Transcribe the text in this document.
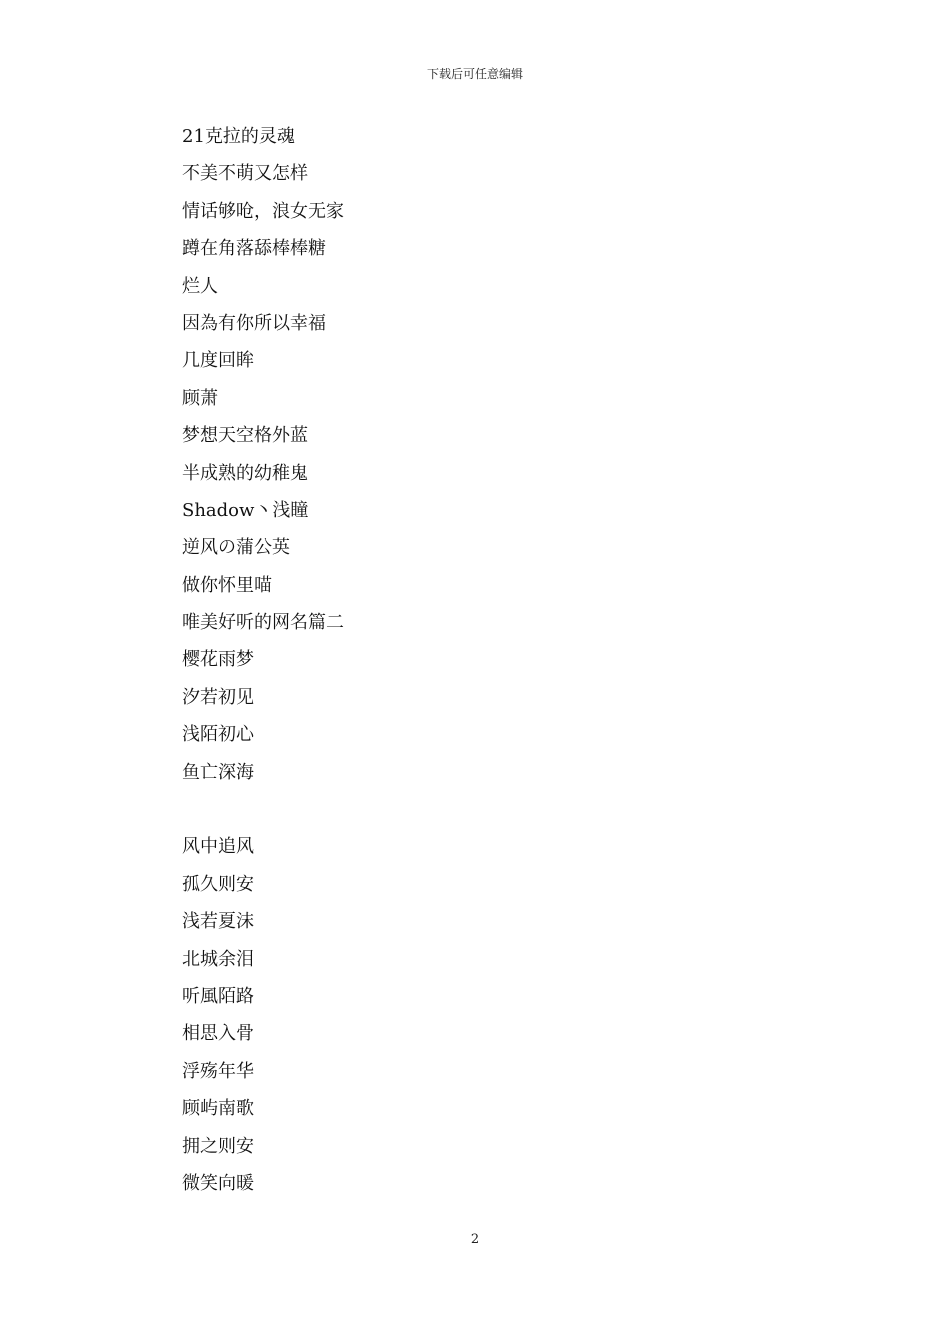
下载后可任意编辑
21克拉的灵魂
不美不萌又怎样
情话够呛，浪女无家
蹲在角落舔棒棒糖
烂人
因為有你所以幸福
几度回眸
顾萧
梦想天空格外蓝
半成熟的幼稚鬼
Shadow丶浅瞳
逆风の蒲公英
做你怀里喵
唯美好听的网名篇二
樱花雨梦
汐若初见
浅陌初心
鱼亡深海
风中追风
孤久则安
浅若夏沫
北城余泪
听風陌路
相思入骨
浮殇年华
顾屿南歌
拥之则安
微笑向暖
2
